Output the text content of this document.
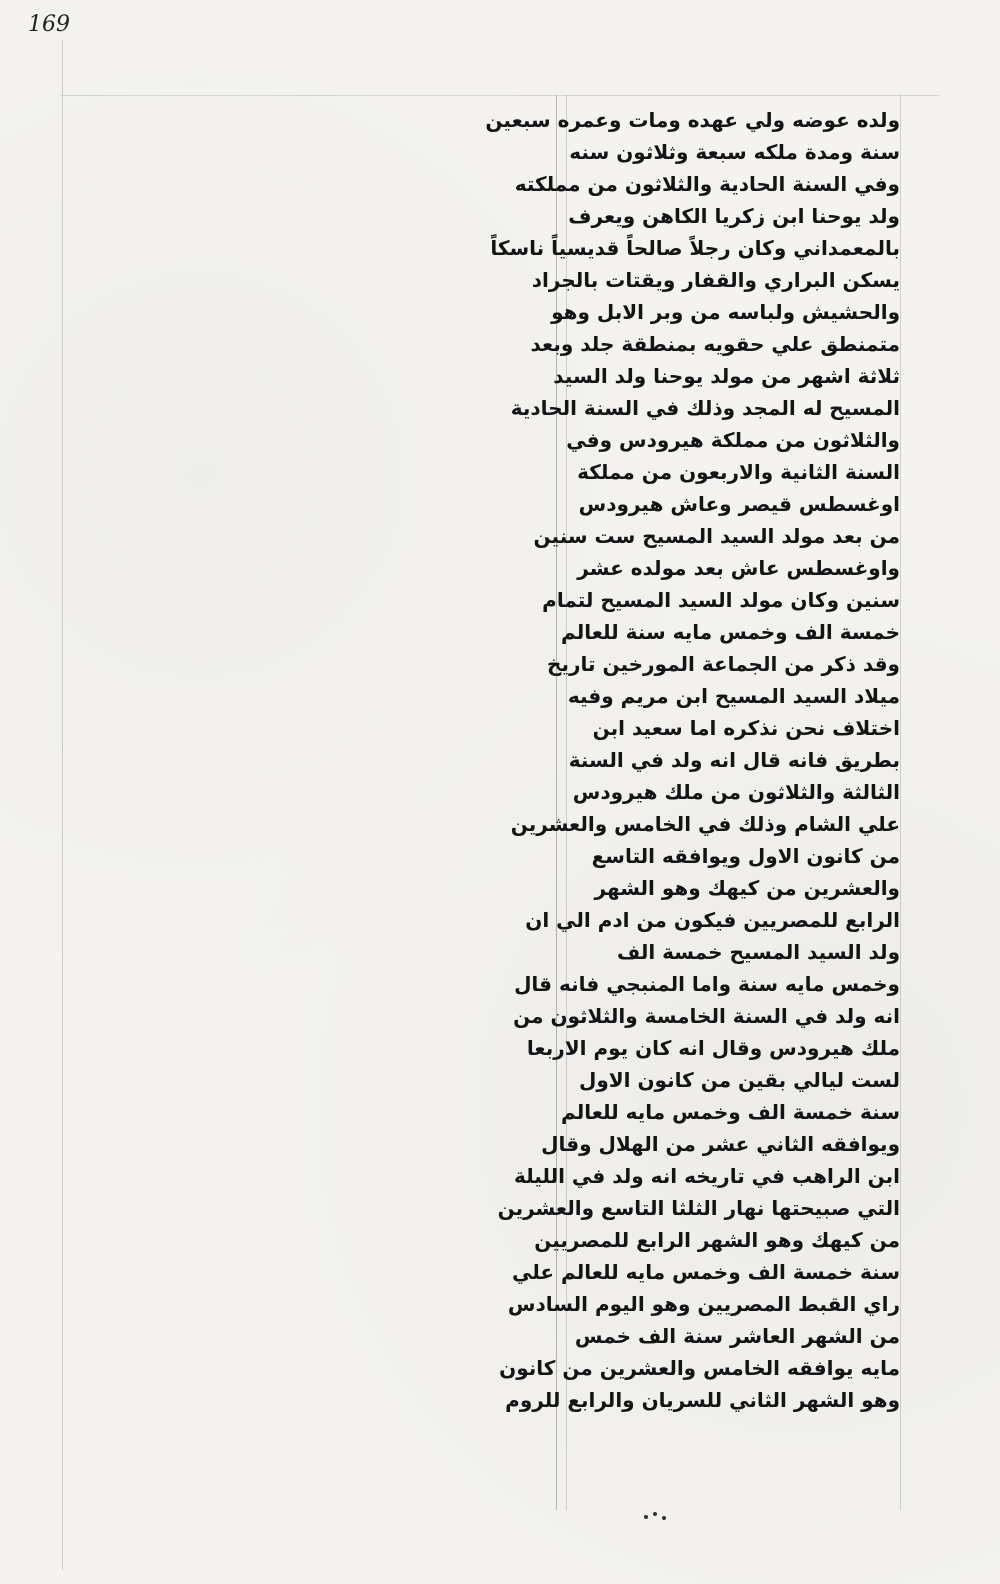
169
ولده عوضه ولي عهده ومات وعمره سبعين
سنة ومدة ملكه سبعة وثلاثون سنه
وفي السنة الحادية والثلاثون من مملكته
ولد يوحنا ابن زكريا الكاهن ويعرف
بالمعمداني وكان رجلاً صالحاً قديسياً ناسكاً
يسكن البراري والقفار ويقتات بالجراد
والحشيش ولباسه من وبر الابل وهو
متمنطق علي حقويه بمنطقة جلد وبعد
ثلاثة اشهر من مولد يوحنا ولد السيد
المسيح له المجد وذلك في السنة الحادية
والثلاثون من مملكة هيرودس وفي
السنة الثانية والاربعون من مملكة
اوغسطس قيصر وعاش هيرودس
من بعد مولد السيد المسيح ست سنين
واوغسطس عاش بعد مولده عشر
سنين وكان مولد السيد المسيح لتمام
خمسة الف وخمس مايه سنة للعالم
وقد ذكر من الجماعة المورخين تاريخ
ميلاد السيد المسيح ابن مريم وفيه
اختلاف نحن نذكره اما سعيد ابن
بطريق فانه قال انه ولد في السنة
الثالثة والثلاثون من ملك هيرودس
علي الشام وذلك في الخامس والعشرين
من كانون الاول ويوافقه التاسع
والعشرين من كيهك وهو الشهر
الرابع للمصريين فيكون من ادم الي ان
ولد السيد المسيح خمسة الف
وخمس مايه سنة واما المنبجي فانه قال
انه ولد في السنة الخامسة والثلاثون من
ملك هيرودس وقال انه كان يوم الاربعا
لست ليالي بقين من كانون الاول
سنة خمسة الف وخمس مايه للعالم
ويوافقه الثاني عشر من الهلال وقال
ابن الراهب في تاريخه انه ولد في الليلة
التي صبيحتها نهار الثلثا التاسع والعشرين
من كيهك وهو الشهر الرابع للمصريين
سنة خمسة الف وخمس مايه للعالم علي
راي القبط المصريين وهو اليوم السادس
من الشهر العاشر سنة الف خمس
مايه يوافقه الخامس والعشرين من كانون
وهو الشهر الثاني للسريان والرابع للروم
